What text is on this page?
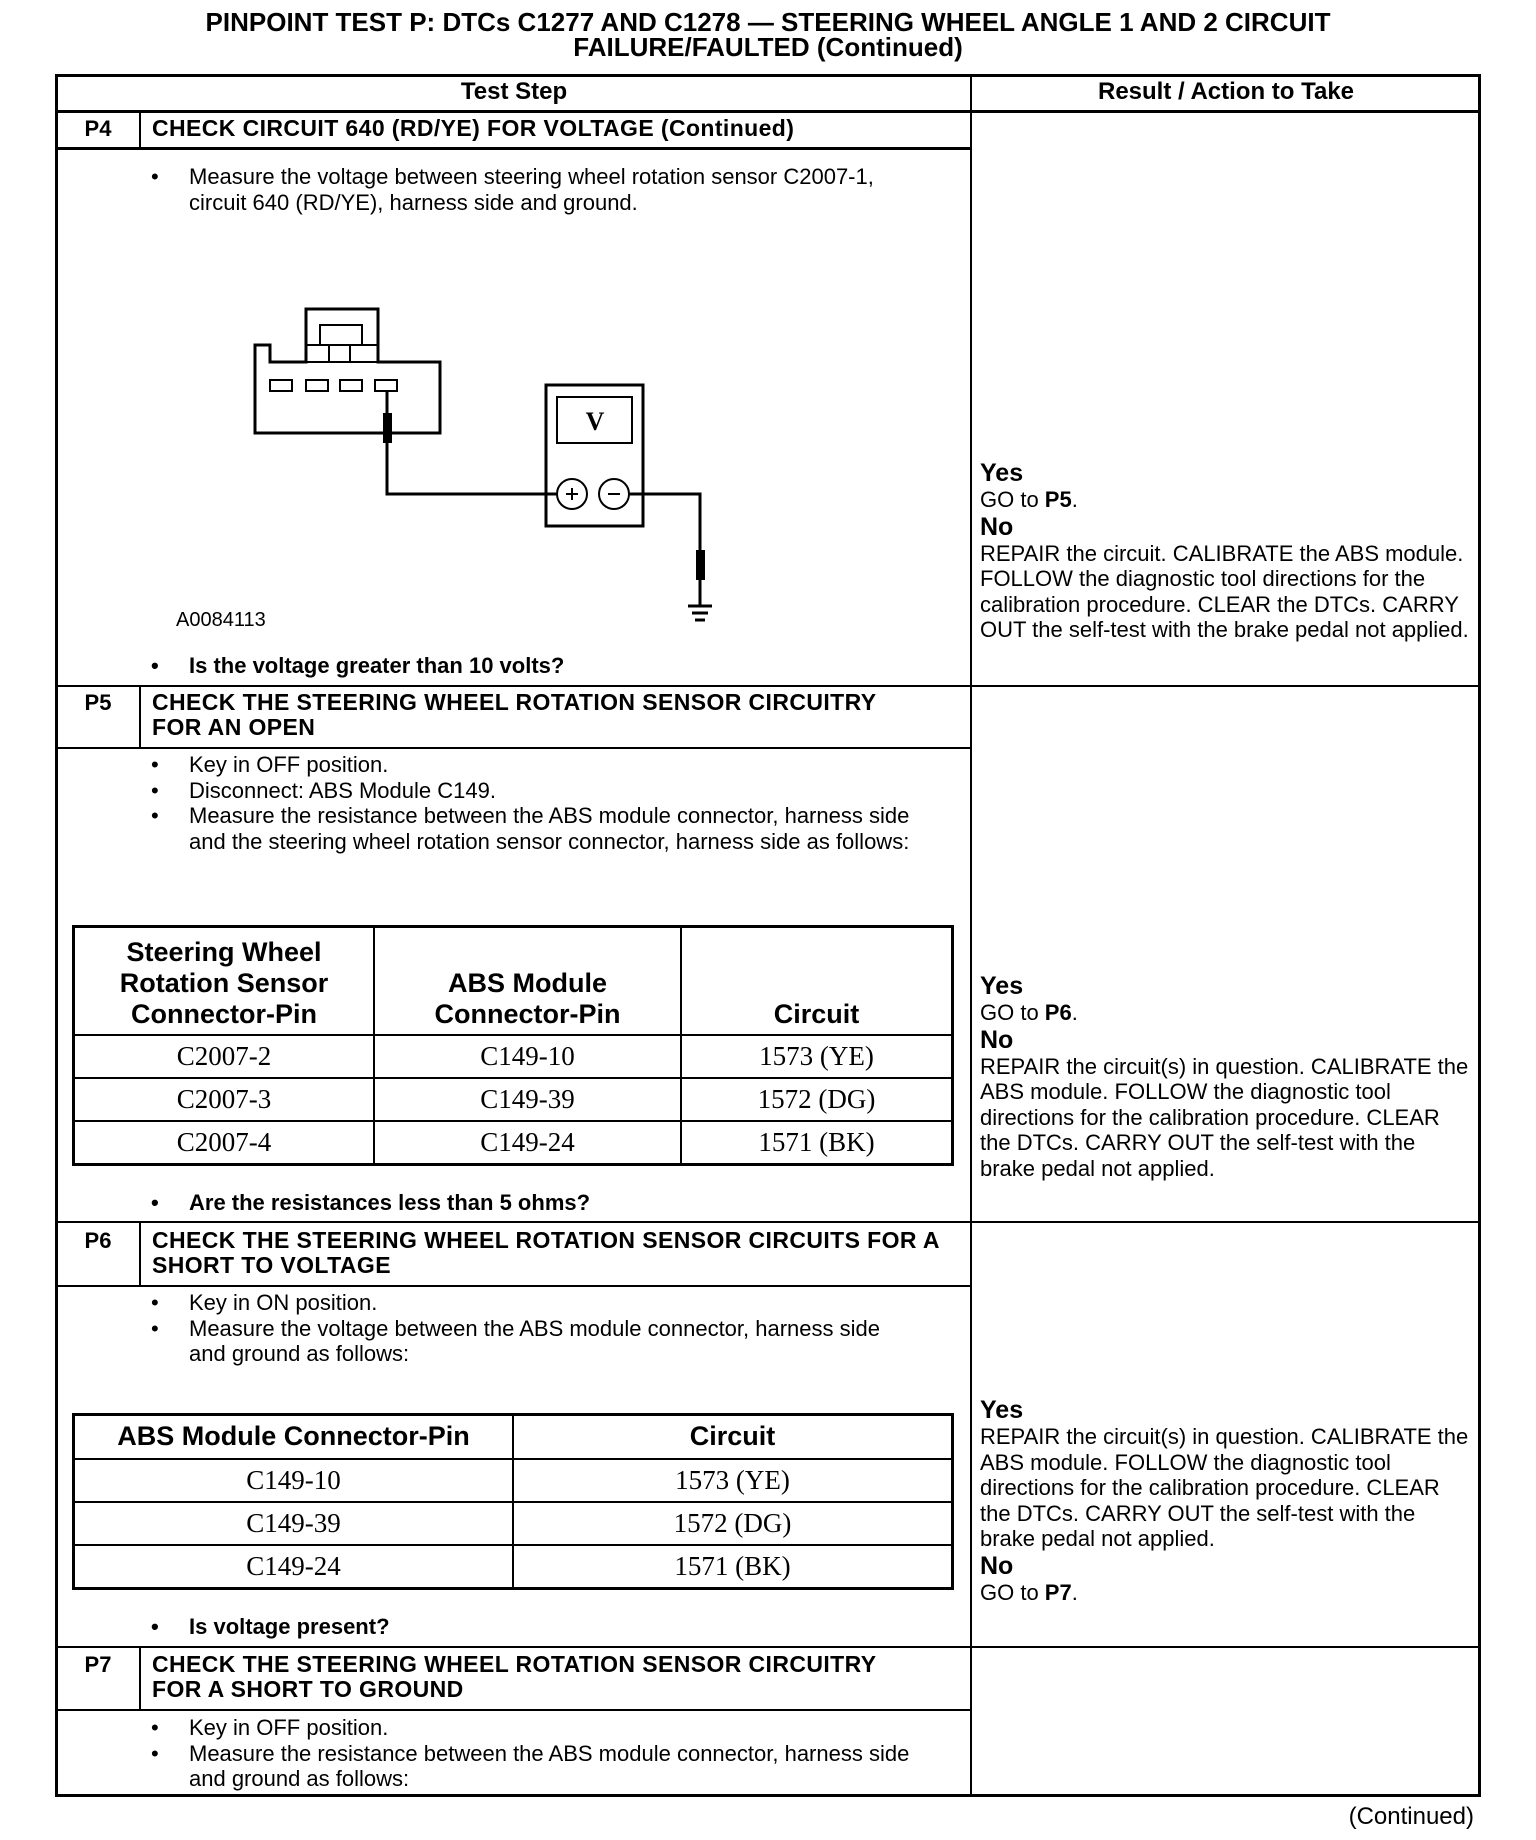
PINPOINT TEST P: DTCs C1277 AND C1278 — STEERING WHEEL ANGLE 1 AND 2 CIRCUIT
FAILURE/FAULTED (Continued)
Test Step	Result / Action to Take
P4	CHECK CIRCUIT 640 (RD/YE) FOR VOLTAGE (Continued)
• Measure the voltage between steering wheel rotation sensor C2007-1, circuit 640 (RD/YE), harness side and ground.
V
A0084113
• Is the voltage greater than 10 volts?
Yes
GO to P5.
No
REPAIR the circuit. CALIBRATE the ABS module. FOLLOW the diagnostic tool directions for the calibration procedure. CLEAR the DTCs. CARRY OUT the self-test with the brake pedal not applied.
P5	CHECK THE STEERING WHEEL ROTATION SENSOR CIRCUITRY FOR AN OPEN
• Key in OFF position.
• Disconnect: ABS Module C149.
• Measure the resistance between the ABS module connector, harness side and the steering wheel rotation sensor connector, harness side as follows:
Steering Wheel Rotation Sensor Connector-Pin	ABS Module Connector-Pin	Circuit
C2007-2	C149-10	1573 (YE)
C2007-3	C149-39	1572 (DG)
C2007-4	C149-24	1571 (BK)
• Are the resistances less than 5 ohms?
Yes
GO to P6.
No
REPAIR the circuit(s) in question. CALIBRATE the ABS module. FOLLOW the diagnostic tool directions for the calibration procedure. CLEAR the DTCs. CARRY OUT the self-test with the brake pedal not applied.
P6	CHECK THE STEERING WHEEL ROTATION SENSOR CIRCUITS FOR A SHORT TO VOLTAGE
• Key in ON position.
• Measure the voltage between the ABS module connector, harness side and ground as follows:
ABS Module Connector-Pin	Circuit
C149-10	1573 (YE)
C149-39	1572 (DG)
C149-24	1571 (BK)
• Is voltage present?
Yes
REPAIR the circuit(s) in question. CALIBRATE the ABS module. FOLLOW the diagnostic tool directions for the calibration procedure. CLEAR the DTCs. CARRY OUT the self-test with the brake pedal not applied.
No
GO to P7.
P7	CHECK THE STEERING WHEEL ROTATION SENSOR CIRCUITRY FOR A SHORT TO GROUND
• Key in OFF position.
• Measure the resistance between the ABS module connector, harness side and ground as follows:
(Continued)
